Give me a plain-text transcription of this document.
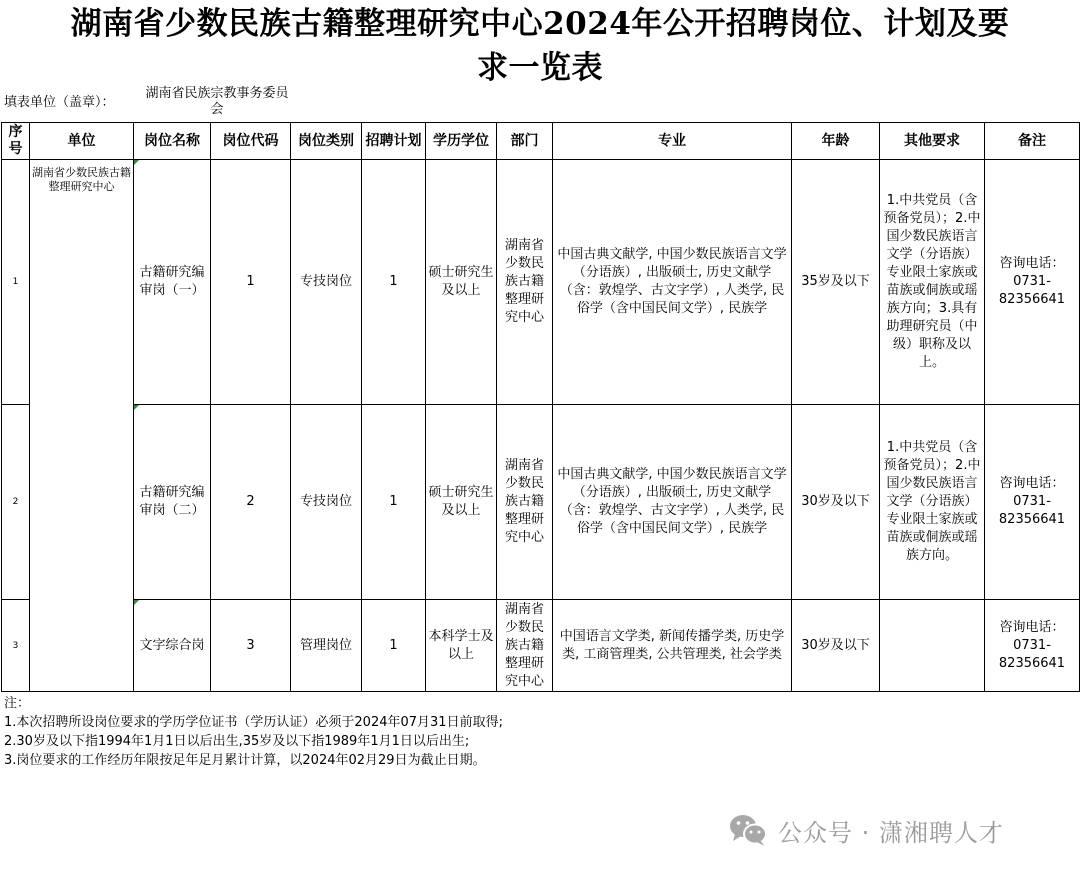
湖南省少数民族古籍整理研究中心2024年公开招聘岗位、计划及要
求一览表
填表单位（盖章）：
湖南省民族宗教事务委员会
序号	单位	岗位名称	岗位代码	岗位类别	招聘计划	学历学位	部门	专业	年龄	其他要求	备注
1	湖南省少数民族古籍整理研究中心	古籍研究编审岗（一）	1	专技岗位	1	硕士研究生及以上	湖南省少数民族古籍整理研究中心	中国古典文献学, 中国少数民族语言文学（分语族）, 出版硕士, 历史文献学（含：敦煌学、古文字学）, 人类学, 民俗学（含中国民间文学）, 民族学	35岁及以下	1.中共党员（含预备党员）；2.中国少数民族语言文学（分语族）专业限土家族或苗族或侗族或瑶族方向；3.具有助理研究员（中级）职称及以上。	咨询电话：0731-82356641
2		古籍研究编审岗（二）	2	专技岗位	1	硕士研究生及以上	湖南省少数民族古籍整理研究中心	中国古典文献学, 中国少数民族语言文学（分语族）, 出版硕士, 历史文献学（含：敦煌学、古文字学）, 人类学, 民俗学（含中国民间文学）, 民族学	30岁及以下	1.中共党员（含预备党员）；2.中国少数民族语言文学（分语族）专业限土家族或苗族或侗族或瑶族方向。	咨询电话：0731-82356641
3		文字综合岗	3	管理岗位	1	本科学士及以上	湖南省少数民族古籍整理研究中心	中国语言文学类, 新闻传播学类, 历史学类, 工商管理类, 公共管理类, 社会学类	30岁及以下		咨询电话：0731-82356641
注：
1.本次招聘所设岗位要求的学历学位证书（学历认证）必须于2024年07月31日前取得;
2.30岁及以下指1994年1月1日以后出生,35岁及以下指1989年1月1日以后出生;
3.岗位要求的工作经历年限按足年足月累计计算，以2024年02月29日为截止日期。
公众号 · 潇湘聘人才
